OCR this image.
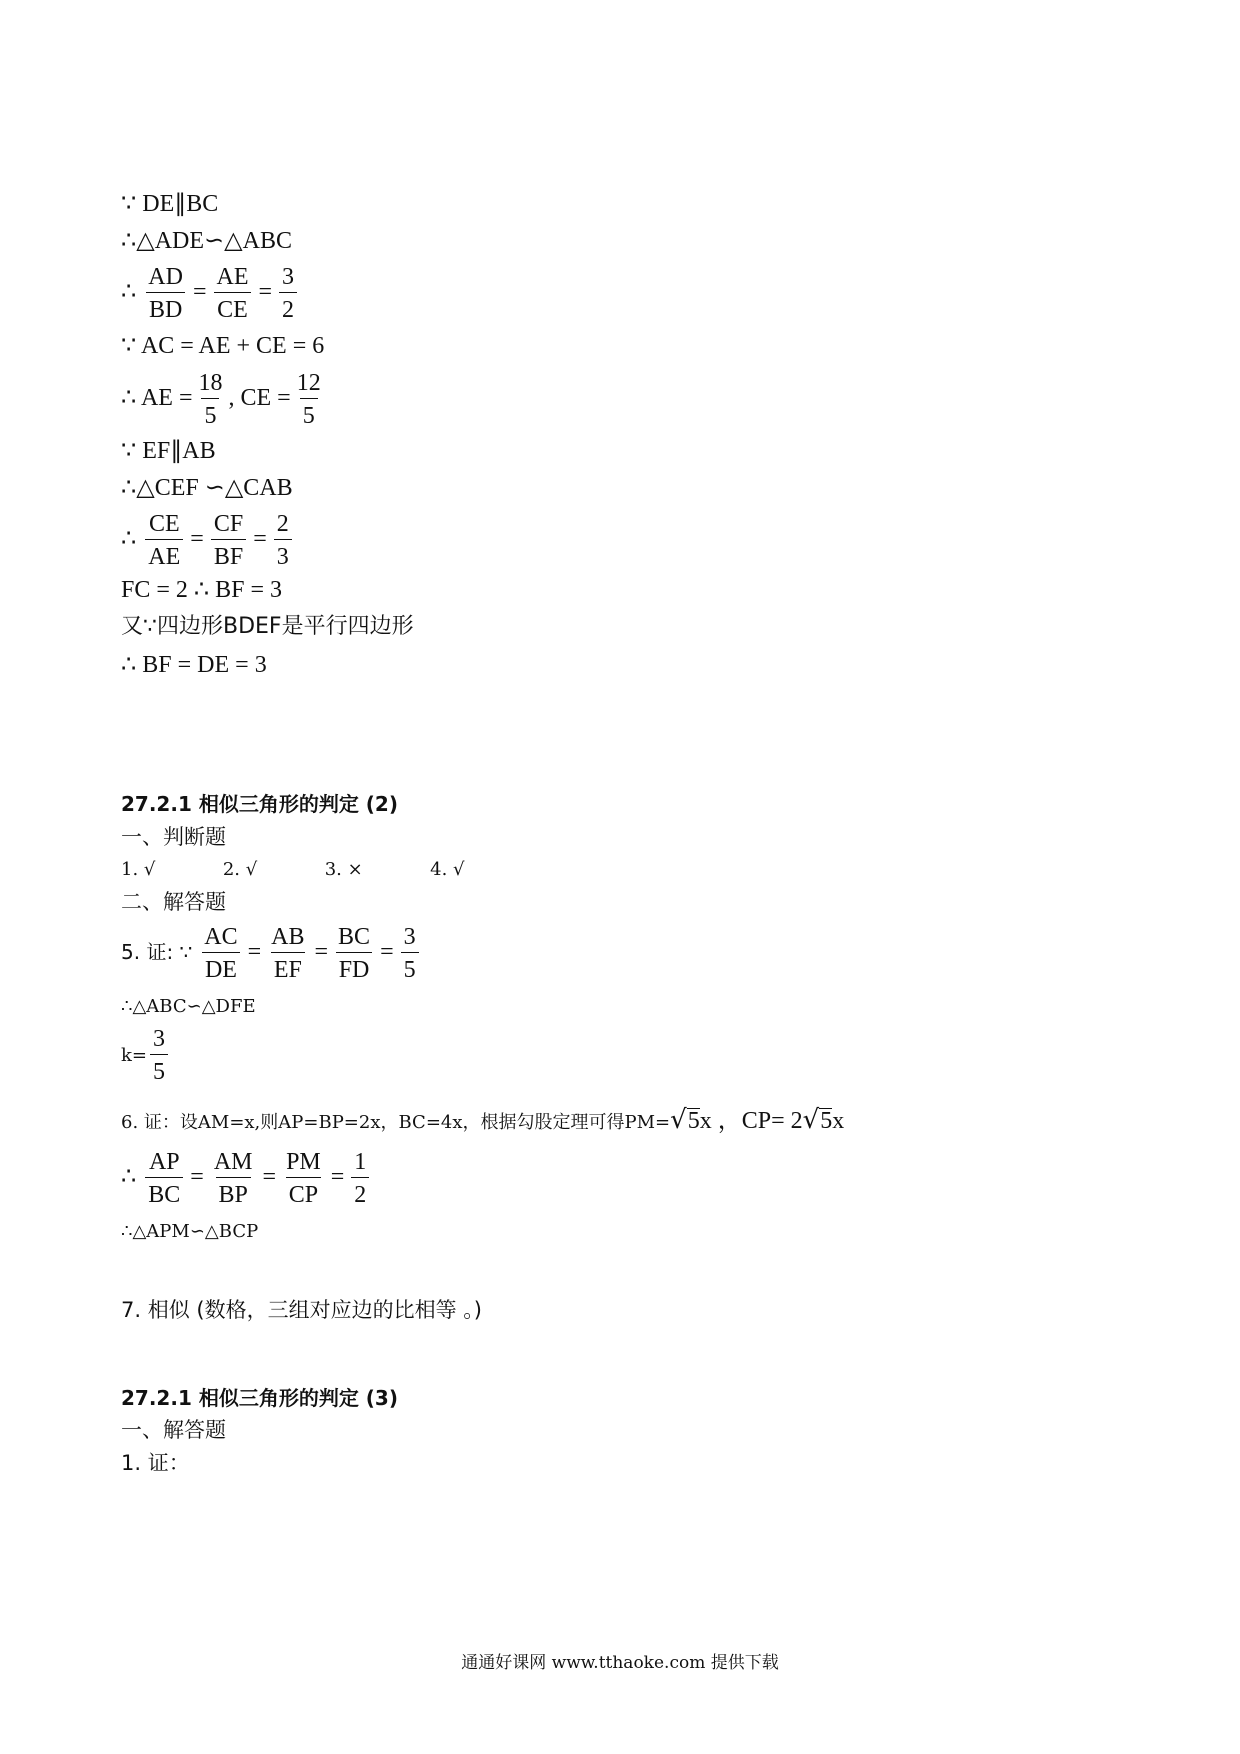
∵ DE∥BC
∴△ADE∽△ABC
∴ $\frac{AD}{BD} = \frac{AE}{CE} = \frac{3}{2}$
∵ AC = AE + CE = 6
∴ AE = $\frac{18}{5}$ , CE = $\frac{12}{5}$
∵ EF∥AB
∴△CEF ∽△CAB
∴ $\frac{CE}{AE} = \frac{CF}{BF} = \frac{2}{3}$
FC = 2 ∴ BF = 3
又∵四边形BDEF是平行四边形
∴ BF = DE = 3
27.2.1 相似三角形的判定 (2)
一、判断题
1. √	2. √	3. ×	4. √
二、解答题
5. 证: ∵ $\frac{AC}{DE} = \frac{AB}{EF} = \frac{BC}{FD} = \frac{3}{5}$
∴△ABC∽△DFE
$k= \frac{3}{5}$
6. 证：设AM=x,则AP=BP=2x，BC=4x，根据勾股定理可得PM=√5x ，CP= 2√5x
∴ $\frac{AP}{BC} = \frac{AM}{BP} = \frac{PM}{CP} = \frac{1}{2}$
∴△APM∽△BCP
7. 相似 (数格，三组对应边的比相等 。)
27.2.1 相似三角形的判定 (3)
一、解答题
1. 证：
通通好课网 www.tthaoke.com 提供下载
